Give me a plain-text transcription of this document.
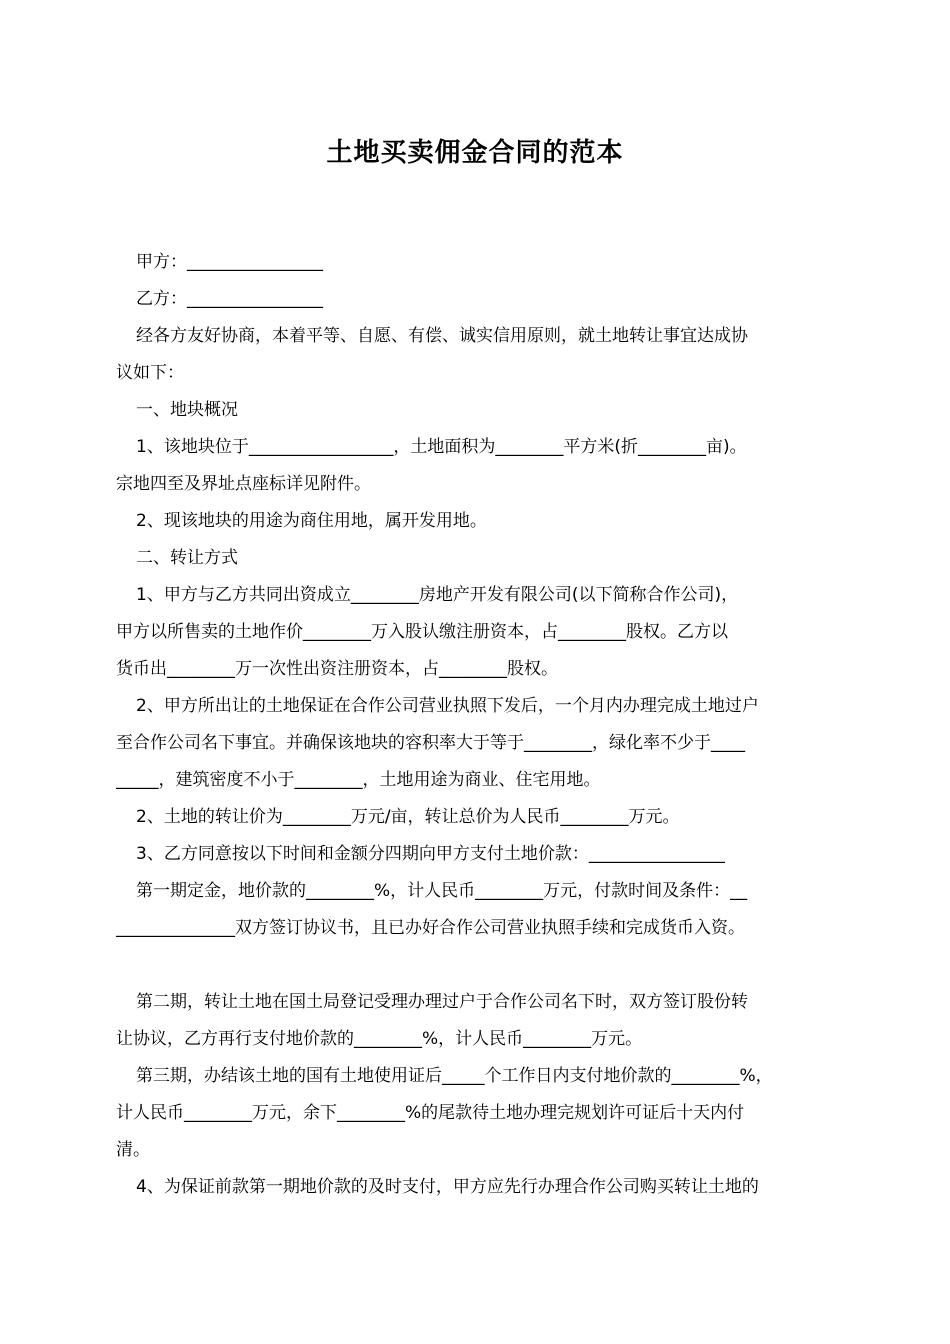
土地买卖佣金合同的范本
甲方：________________
乙方：________________
经各方友好协商，本着平等、自愿、有偿、诚实信用原则，就土地转让事宜达成协
议如下：
一、地块概况
1、该地块位于_________________，土地面积为________平方米(折________亩)。
宗地四至及界址点座标详见附件。
2、现该地块的用途为商住用地，属开发用地。
二、转让方式
1、甲方与乙方共同出资成立________房地产开发有限公司(以下简称合作公司)，
甲方以所售卖的土地作价________万入股认缴注册资本，占________股权。乙方以
货币出________万一次性出资注册资本，占________股权。
2、甲方所出让的土地保证在合作公司营业执照下发后，一个月内办理完成土地过户
至合作公司名下事宜。并确保该地块的容积率大于等于________，绿化率不少于____
_____，建筑密度不小于________，土地用途为商业、住宅用地。
2、土地的转让价为________万元/亩，转让总价为人民币________万元。
3、乙方同意按以下时间和金额分四期向甲方支付土地价款：________________
第一期定金，地价款的________%，计人民币________万元，付款时间及条件：__
______________双方签订协议书，且已办好合作公司营业执照手续和完成货币入资。
第二期，转让土地在国土局登记受理办理过户于合作公司名下时，双方签订股份转
让协议，乙方再行支付地价款的________%，计人民币________万元。
第三期，办结该土地的国有土地使用证后_____个工作日内支付地价款的________%，
计人民币________万元，余下________%的尾款待土地办理完规划许可证后十天内付
清。
4、为保证前款第一期地价款的及时支付，甲方应先行办理合作公司购买转让土地的
